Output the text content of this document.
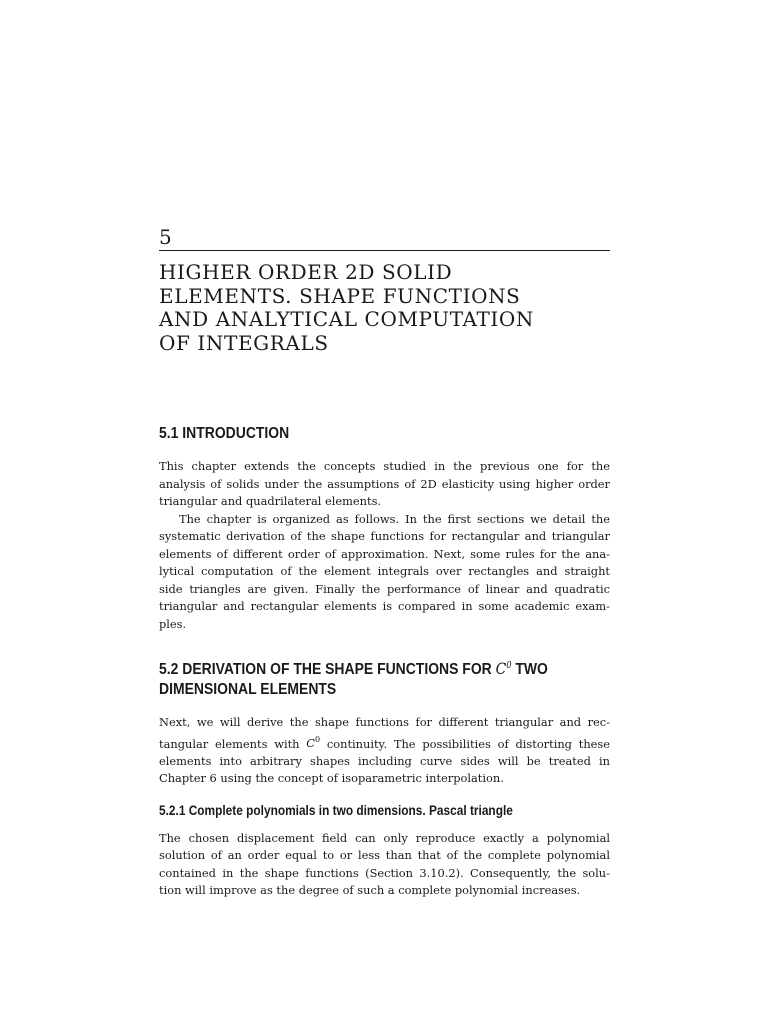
5
HIGHER ORDER 2D SOLID
ELEMENTS. SHAPE FUNCTIONS
AND ANALYTICAL COMPUTATION
OF INTEGRALS
5.1 INTRODUCTION
This chapter extends the concepts studied in the previous one for the
analysis of solids under the assumptions of 2D elasticity using higher order
triangular and quadrilateral elements.
The chapter is organized as follows. In the first sections we detail the
systematic derivation of the shape functions for rectangular and triangular
elements of different order of approximation. Next, some rules for the ana-
lytical computation of the element integrals over rectangles and straight
side triangles are given. Finally the performance of linear and quadratic
triangular and rectangular elements is compared in some academic exam-
ples.
5.2 DERIVATION OF THE SHAPE FUNCTIONS FOR $C^0$ TWO
DIMENSIONAL ELEMENTS
Next, we will derive the shape functions for different triangular and rec-
tangular elements with $C^0$ continuity. The possibilities of distorting these
elements into arbitrary shapes including curve sides will be treated in
Chapter 6 using the concept of isoparametric interpolation.
5.2.1 Complete polynomials in two dimensions. Pascal triangle
The chosen displacement field can only reproduce exactly a polynomial
solution of an order equal to or less than that of the complete polynomial
contained in the shape functions (Section 3.10.2). Consequently, the solu-
tion will improve as the degree of such a complete polynomial increases.
